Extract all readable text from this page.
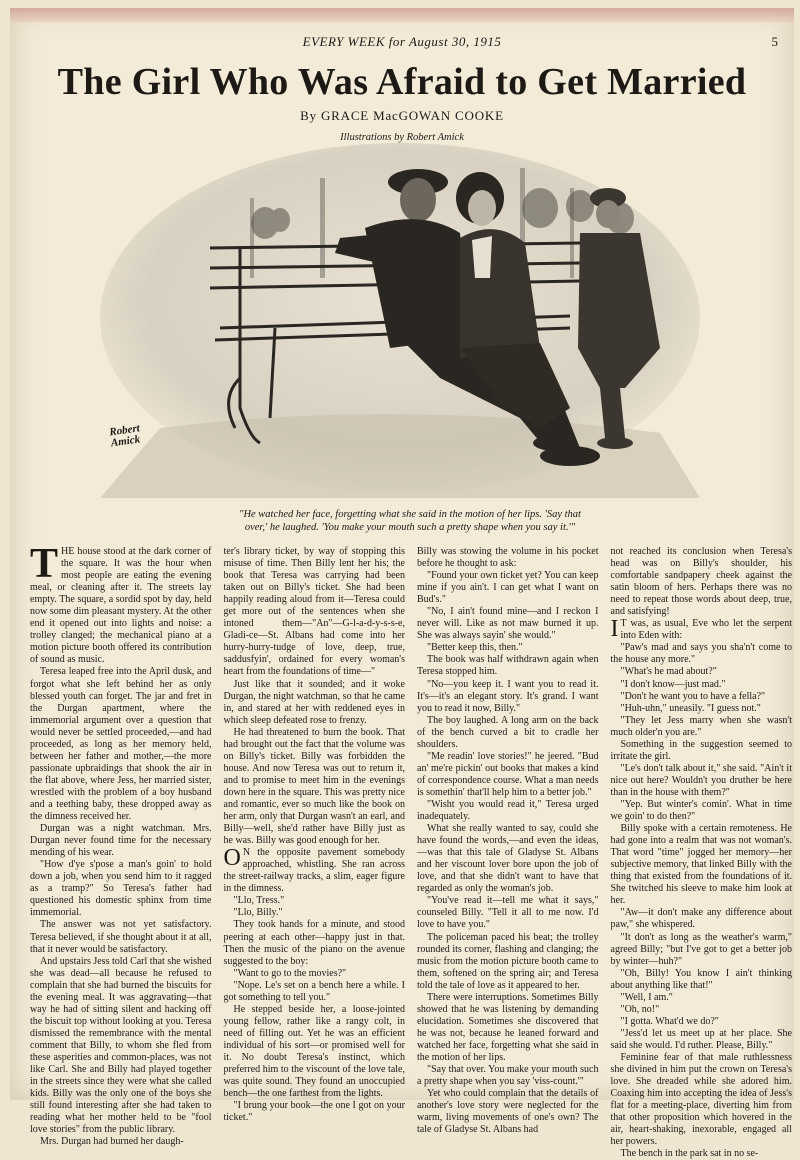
EVERY WEEK for August 30, 1915	5
The Girl Who Was Afraid to Get Married
By GRACE MacGOWAN COOKE
Illustrations by Robert Amick
Robert Amick
"He watched her face, forgetting what she said in the motion of her lips. 'Say that
over,' he laughed. 'You make your mouth such a pretty shape when you say it.'"

THE house stood at the dark corner of the square. It was the hour when most people are eating the evening meal, or cleaning after it. The streets lay empty. The square, a sordid spot by day, held now some dim pleasant mystery. At the other end it opened out into lights and noise: a trolley clanged; the mechanical piano at a motion picture booth offered its contribution of sound as music.

Teresa leaped free into the April dusk, and forgot what she left behind her as only blessed youth can forget. The jar and fret in the Durgan apartment, where the immemorial argument over a question that would never be settled proceeded,—and had proceeded, as long as her memory held, between her father and mother,—the more passionate upbraidings that shook the air in the flat above, where Jess, her married sister, wrestled with the problem of a boy husband and a teething baby, these dropped away as the dimness received her.

Durgan was a night watchman. Mrs. Durgan never found time for the necessary mending of his wear.

"How d'ye s'pose a man's goin' to hold down a job, when you send him to it ragged as a tramp?" So Teresa's father had questioned his domestic sphinx from time immemorial.

The answer was not yet satisfactory. Teresa believed, if she thought about it at all, that it never would be satisfactory.

And upstairs Jess told Carl that she wished she was dead—all because he refused to complain that she had burned the biscuits for the evening meal. It was aggravating—that way he had of sitting silent and hacking off the biscuit top without looking at you. Teresa dismissed the remembrance with the mental comment that Billy, to whom she fled from these asperities and common-places, was not like Carl. She and Billy had played together in the streets since they were what she called kids. Billy was the only one of the boys she still found interesting after she had taken to reading what her mother held to be "fool love stories" from the public library.

Mrs. Durgan had burned her daugh-

ter's library ticket, by way of stopping this misuse of time. Then Billy lent her his; the book that Teresa was carrying had been taken out on Billy's ticket. She had been happily reading aloud from it—Teresa could get more out of the sentences when she intoned them—"An"—G-l-a-d-y-s-s-e, Gladi-ce—St. Albans had come into her hurry-hurry-tudge of love, deep, true, saddusfyin', ordained for every woman's heart from the foundations of time—"

Just like that it sounded; and it woke Durgan, the night watchman, so that he came in, and stared at her with reddened eyes in which sleep defeated rose to frenzy.

He had threatened to burn the book. That had brought out the fact that the volume was on Billy's ticket. Billy was forbidden the house. And now Teresa was out to return it, and to promise to meet him in the evenings down here in the square. This was pretty nice and romantic, ever so much like the book on her arm, only that Durgan wasn't an earl, and Billy—well, she'd rather have Billy just as he was. Billy was good enough for her.

O N the opposite pavement somebody approached, whistling. She ran across the street-railway tracks, a slim, eager figure in the dimness.

"Llo, Tress."

"Llo, Billy."

They took hands for a minute, and stood peering at each other—happy just in that. Then the music of the piano on the avenue suggested to the boy:

"Want to go to the movies?"

"Nope. Le's set on a bench here a while. I got something to tell you."

He stepped beside her, a loose-jointed young fellow, rather like a rangy colt, in need of filling out. Yet he was an efficient individual of his sort—or promised well for it. No doubt Teresa's instinct, which preferred him to the viscount of the love tale, was quite sound. They found an unoccupied bench—the one farthest from the lights.

"I brung your book—the one I got on your ticket."

Billy was stowing the volume in his pocket before he thought to ask:

"Found your own ticket yet? You can keep mine if you ain't. I can get what I want on Bud's."

"No, I ain't found mine—and I reckon I never will. Like as not maw burned it up. She was always sayin' she would."

"Better keep this, then."

The book was half withdrawn again when Teresa stopped him.

"No—you keep it. I want you to read it. It's—it's an elegant story. It's grand. I want you to read it now, Billy."

The boy laughed. A long arm on the back of the bench curved a bit to cradle her shoulders.

"Me readin' love stories!" he jeered. "Bud an' me're pickin' out books that makes a kind of correspondence course. What a man needs is somethin' that'll help him to a better job."

"Wisht you would read it," Teresa urged inadequately.

What she really wanted to say, could she have found the words,—and even the ideas,—was that this tale of Gladyse St. Albans and her viscount lover bore upon the job of love, and that she didn't want to have that regarded as only the woman's job.

"You've read it—tell me what it says," counseled Billy. "Tell it all to me now. I'd love to have you."

The policeman paced his beat; the trolley rounded its corner, flashing and clanging; the music from the motion picture booth came to them, softened on the spring air; and Teresa told the tale of love as it appeared to her.

There were interruptions. Sometimes Billy showed that he was listening by demanding elucidation. Sometimes she discovered that he was not, because he leaned forward and watched her face, forgetting what she said in the motion of her lips.

"Say that over. You make your mouth such a pretty shape when you say 'viss-count.'"

Yet who could complain that the details of another's love story were neglected for the warm, living movements of one's own? The tale of Gladyse St. Albans had

not reached its conclusion when Teresa's head was on Billy's shoulder, his comfortable sandpapery cheek against the satin bloom of hers. Perhaps there was no need to repeat those words about deep, true, and satisfying!

I T was, as usual, Eve who let the serpent into Eden with:

"Paw's mad and says you sha'n't come to the house any more."

"What's he mad about?"

"I don't know—just mad."

"Don't he want you to have a fella?"

"Huh-uhn," uneasily. "I guess not."

"They let Jess marry when she wasn't much older'n you are."

Something in the suggestion seemed to irritate the girl.

"Le's don't talk about it," she said. "Ain't it nice out here? Wouldn't you druther be here than in the house with them?"

"Yep. But winter's comin'. What in time we goin' to do then?"

Billy spoke with a certain remoteness. He had gone into a realm that was not woman's. That word "time" jogged her memory—her subjective memory, that linked Billy with the thing that existed from the foundations of it. She twitched his sleeve to make him look at her.

"Aw—it don't make any difference about paw," she whispered.

"It don't as long as the weather's warm," agreed Billy; "but I've got to get a better job by winter—huh?"

"Oh, Billy! You know I ain't thinking about anything like that!"

"Well, I am."

"Oh, no!"

"I gotta. What'd we do?"

"Jess'd let us meet up at her place. She said she would. I'd ruther. Please, Billy."

Feminine fear of that male ruthlessness she divined in him put the crown on Teresa's love. She dreaded while she adored him. Coaxing him into accepting the idea of Jess's flat for a meeting-place, diverting him from that other proposition which hovered in the air, heart-shaking, inexorable, engaged all her powers.

The bench in the park sat in no se-
